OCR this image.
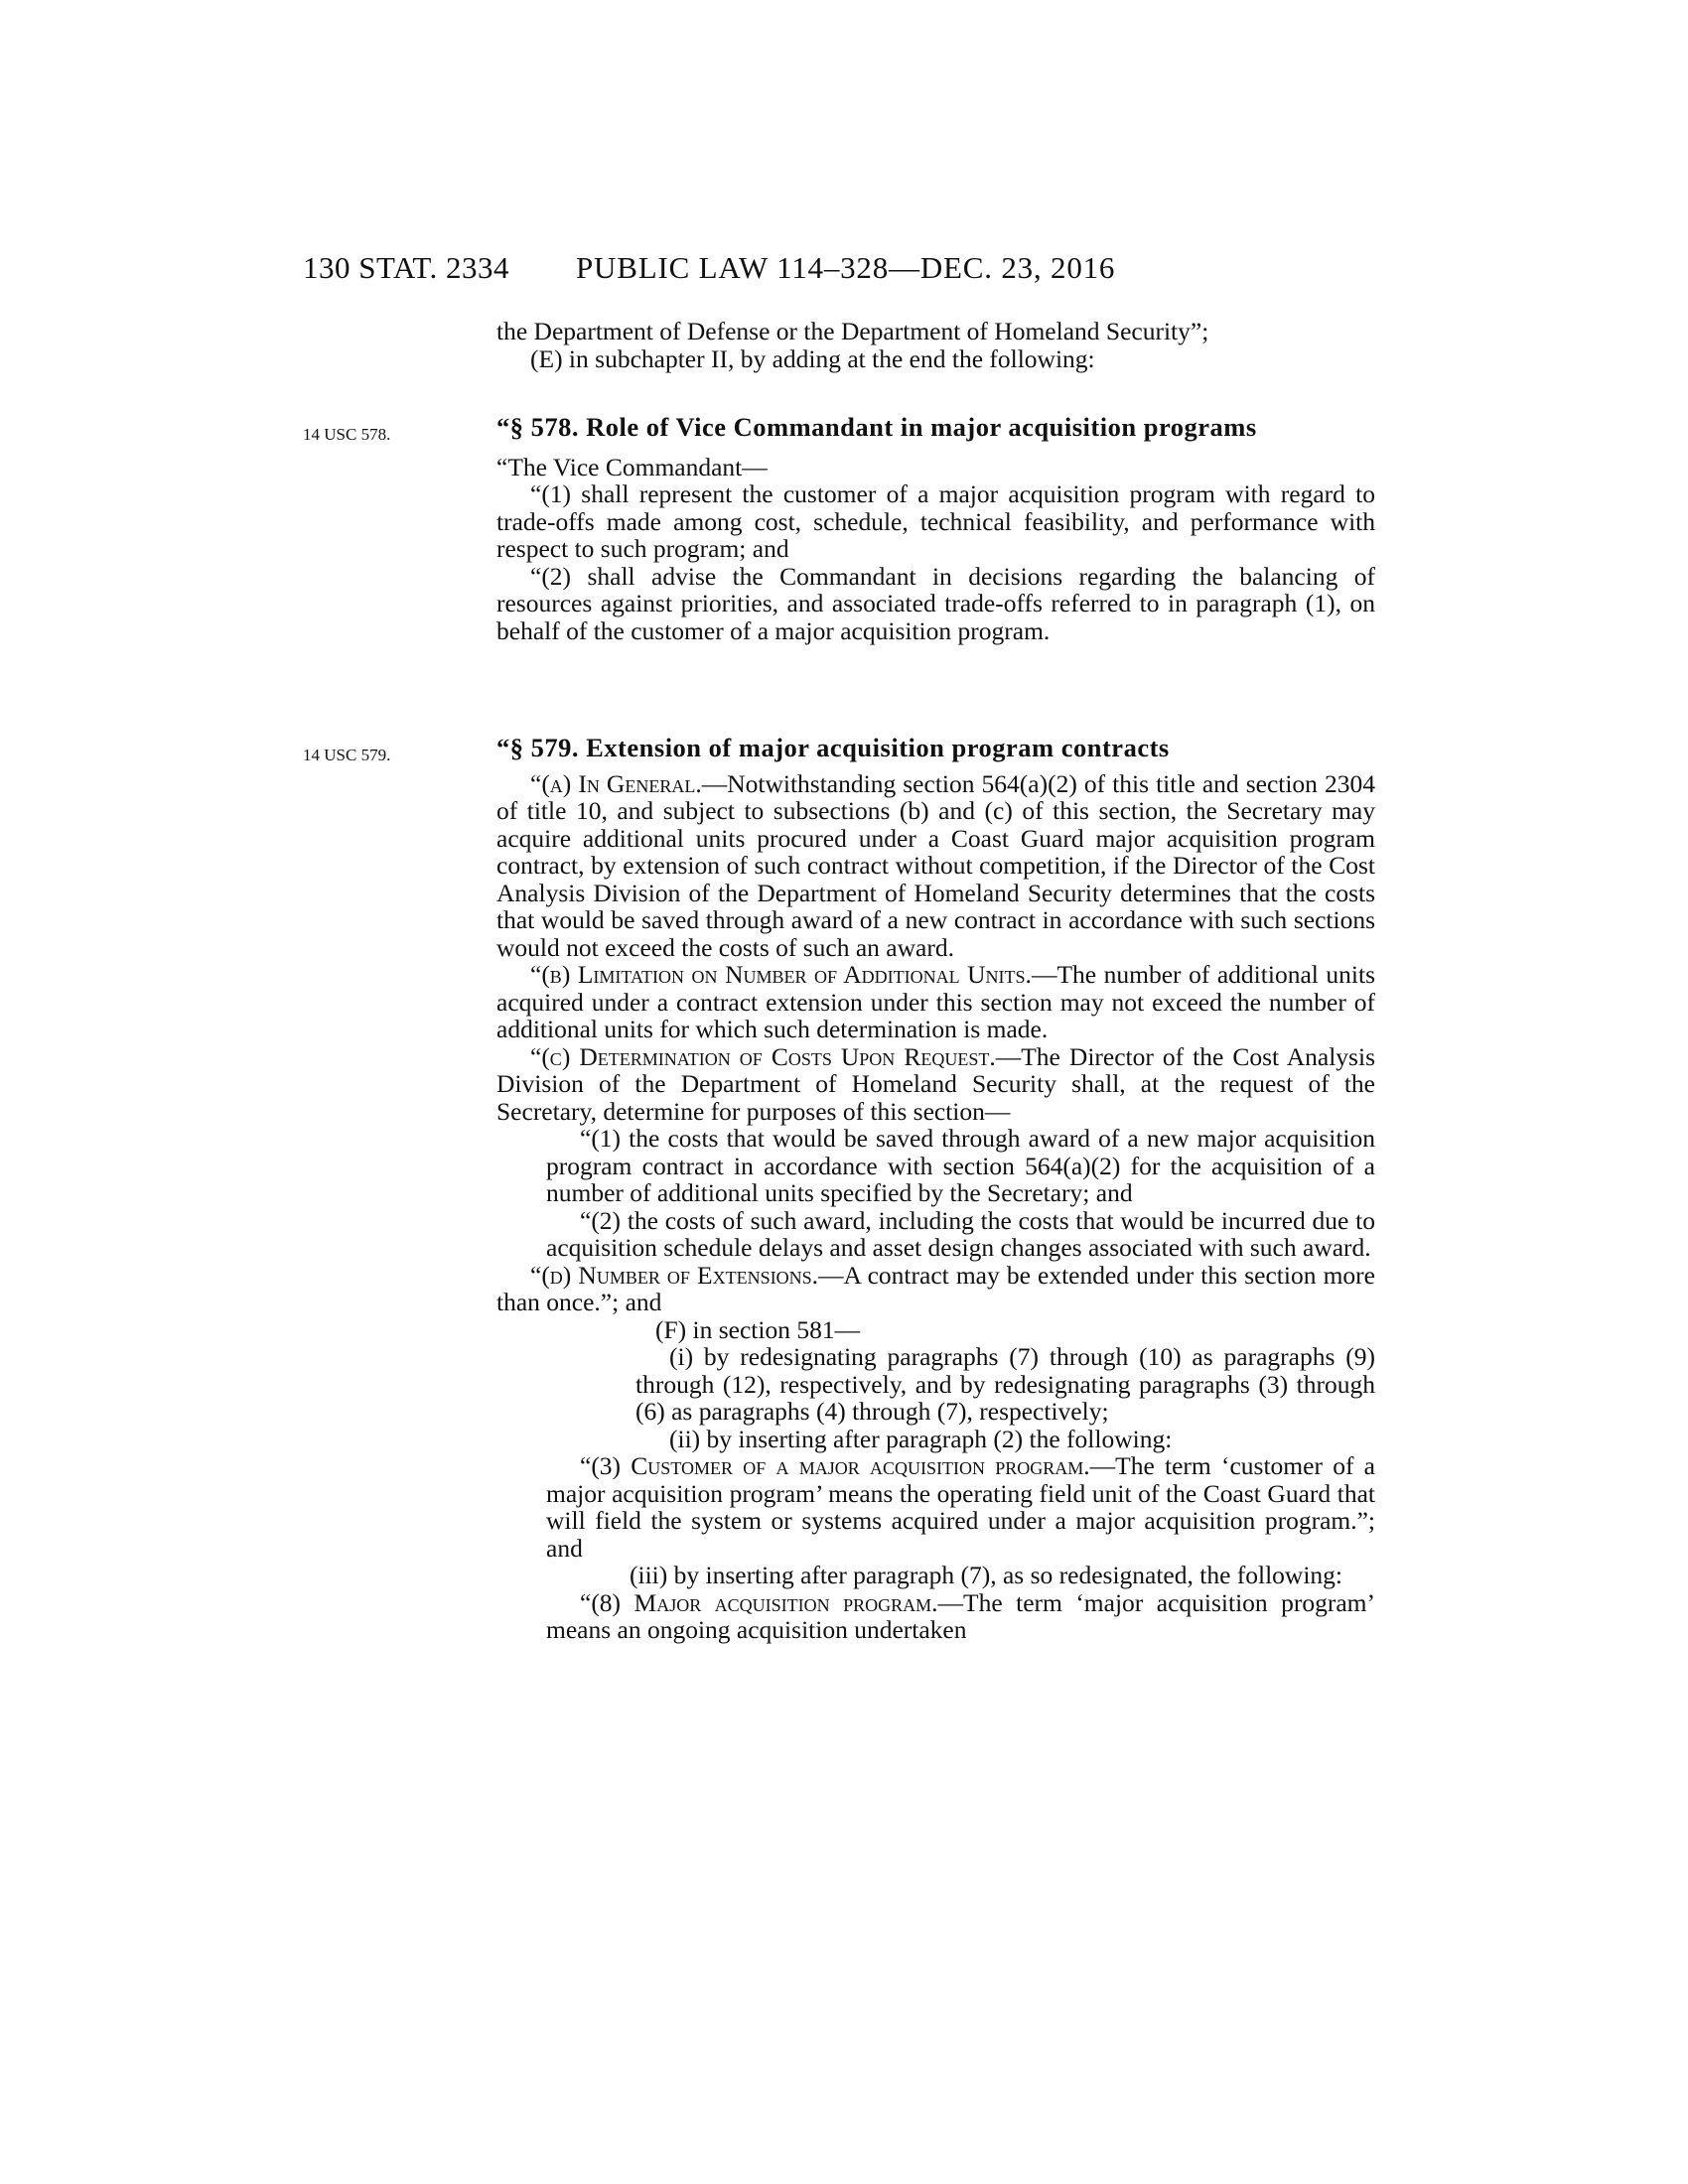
130 STAT. 2334 PUBLIC LAW 114–328—DEC. 23, 2016
14 USC 578.
14 USC 579.

the Department of Defense or the Department of Homeland Security”;

(E) in subchapter II, by adding at the end the following:

“§ 578. Role of Vice Commandant in major acquisition programs

“The Vice Commandant—

“(1) shall represent the customer of a major acquisition program with regard to trade-offs made among cost, schedule, technical feasibility, and performance with respect to such program; and

“(2) shall advise the Commandant in decisions regarding the balancing of resources against priorities, and associated trade-offs referred to in paragraph (1), on behalf of the customer of a major acquisition program.

“§ 579. Extension of major acquisition program contracts

“(a) In General.—Notwithstanding section 564(a)(2) of this title and section 2304 of title 10, and subject to subsections (b) and (c) of this section, the Secretary may acquire additional units procured under a Coast Guard major acquisition program contract, by extension of such contract without competition, if the Director of the Cost Analysis Division of the Department of Homeland Security determines that the costs that would be saved through award of a new contract in accordance with such sections would not exceed the costs of such an award.

“(b) Limitation on Number of Additional Units.—The number of additional units acquired under a contract extension under this section may not exceed the number of additional units for which such determination is made.

“(c) Determination of Costs Upon Request.—The Director of the Cost Analysis Division of the Department of Homeland Security shall, at the request of the Secretary, determine for purposes of this section—

“(1) the costs that would be saved through award of a new major acquisition program contract in accordance with section 564(a)(2) for the acquisition of a number of additional units specified by the Secretary; and

“(2) the costs of such award, including the costs that would be incurred due to acquisition schedule delays and asset design changes associated with such award.

“(d) Number of Extensions.—A contract may be extended under this section more than once.”; and

(F) in section 581—

(i) by redesignating paragraphs (7) through (10) as paragraphs (9) through (12), respectively, and by redesignating paragraphs (3) through (6) as paragraphs (4) through (7), respectively;

(ii) by inserting after paragraph (2) the following:

“(3) Customer of a major acquisition program.—The term ‘customer of a major acquisition program’ means the operating field unit of the Coast Guard that will field the system or systems acquired under a major acquisition program.”; and

(iii) by inserting after paragraph (7), as so redesignated, the following:

“(8) Major acquisition program.—The term ‘major acquisition program’ means an ongoing acquisition undertaken
